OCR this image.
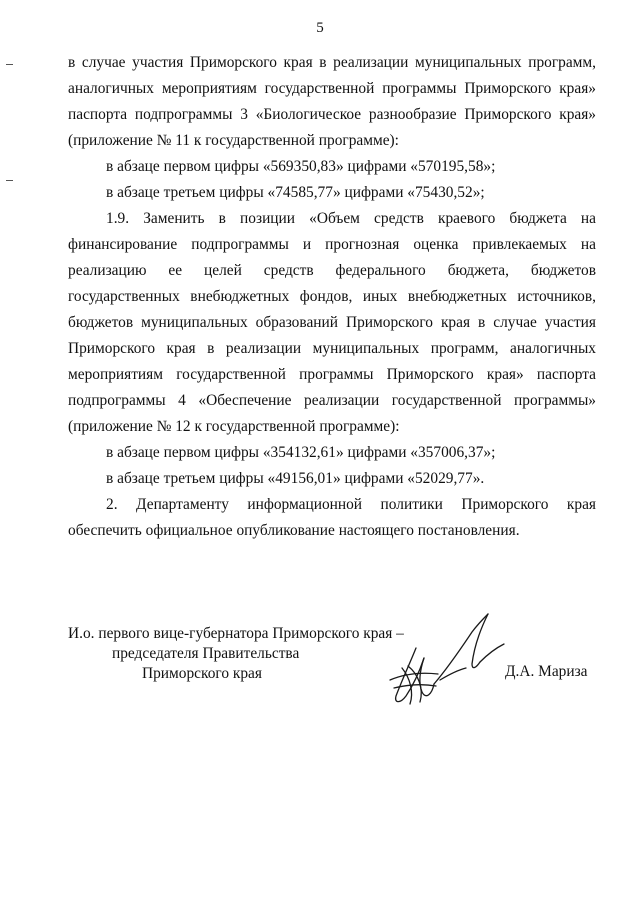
5

в случае участия Приморского края в реализации муниципальных программ, аналогичных мероприятиям государственной программы Приморского края» паспорта подпрограммы 3 «Биологическое разнообразие Приморского края» (приложение № 11 к государственной программе):

в абзаце первом цифры «569350,83» цифрами «570195,58»;

в абзаце третьем цифры «74585,77» цифрами «75430,52»;

1.9. Заменить в позиции «Объем средств краевого бюджета на финансирование подпрограммы и прогнозная оценка привлекаемых на реализацию ее целей средств федерального бюджета, бюджетов государственных внебюджетных фондов, иных внебюджетных источников, бюджетов муниципальных образований Приморского края в случае участия Приморского края в реализации муниципальных программ, аналогичных мероприятиям государственной программы Приморского края» паспорта подпрограммы 4 «Обеспечение реализации государственной программы» (приложение № 12 к государственной программе):

в абзаце первом цифры «354132,61» цифрами «357006,37»;

в абзаце третьем цифры «49156,01» цифрами «52029,77».

2. Департаменту информационной политики Приморского края обеспечить официальное опубликование настоящего постановления.

И.о. первого вице-губернатора Приморского края –
председателя Правительства
Приморского края	Д.А. Мариза
